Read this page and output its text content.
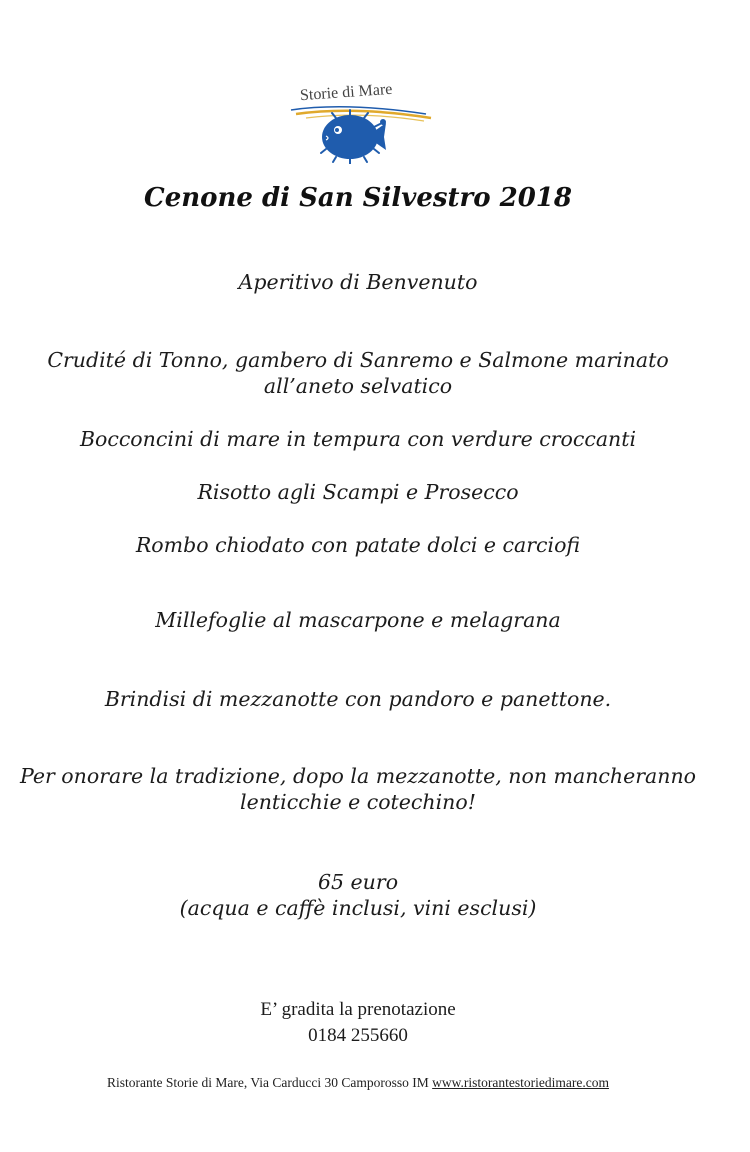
Storie di Mare
Cenone di San Silvestro 2018
Aperitivo di Benvenuto
Crudité di Tonno, gambero di Sanremo e Salmone marinato
all’aneto selvatico
Bocconcini di mare in tempura con verdure croccanti
Risotto agli Scampi e Prosecco
Rombo chiodato con patate dolci e carciofi
Millefoglie al mascarpone e melagrana
Brindisi di mezzanotte con pandoro e panettone.
Per onorare la tradizione, dopo la mezzanotte, non mancheranno
lenticchie e cotechino!
65 euro
(acqua e caffè inclusi, vini esclusi)
E’ gradita la prenotazione
0184 255660
Ristorante Storie di Mare, Via Carducci 30 Camporosso IM www.ristorantestoriedimare.com
